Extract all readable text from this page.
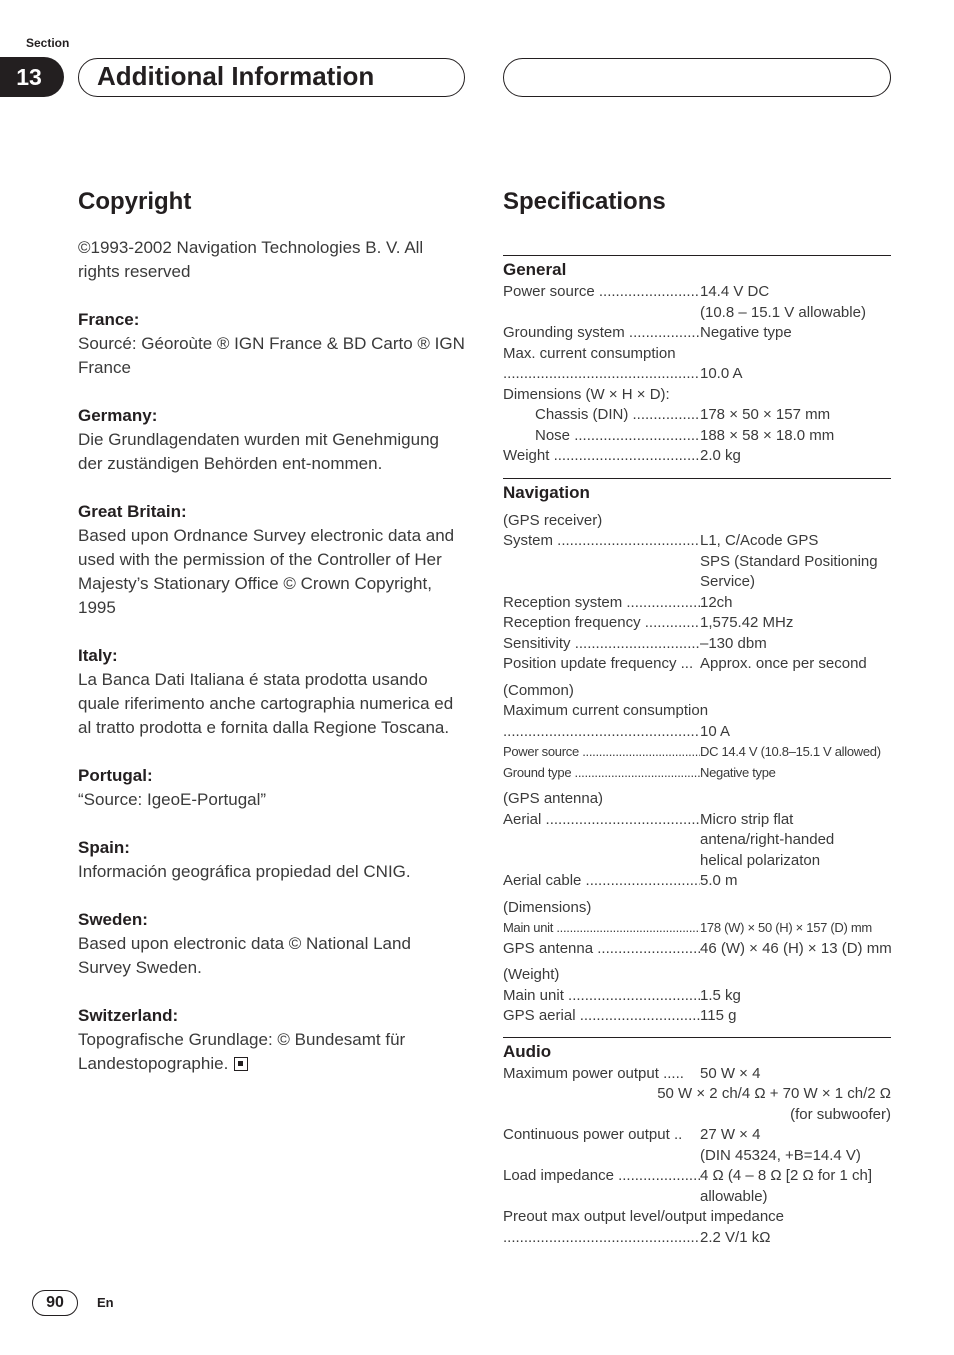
Section
13	Additional Information
Copyright
©1993-2002 Navigation Technologies B. V. All rights reserved
France:
Sourcé: Géoroùte ® IGN France & BD Carto ® IGN France
Germany:
Die Grundlagendaten wurden mit Genehmigung der zuständigen Behörden ent-nommen.
Great Britain:
Based upon Ordnance Survey electronic data and used with the permission of the Controller of Her Majesty’s Stationary Office © Crown Copyright, 1995
Italy:
La Banca Dati Italiana é stata prodotta usando quale riferimento anche cartographia numerica ed al tratto prodotta e fornita dalla Regione Toscana.
Portugal:
“Source: IgeoE-Portugal”
Spain:
Información geográfica propiedad del CNIG.
Sweden:
Based upon electronic data © National Land Survey Sweden.
Switzerland:
Topografische Grundlage: © Bundesamt für Landestopographie.
Specifications
General
Power source .....	14.4 V DC
(10.8 – 15.1 V allowable)
Grounding system .....	Negative type
Max. current consumption
.....
10.0 A
Dimensions (W × H × D):
Chassis (DIN) .....	178 × 50 × 157 mm
Nose .....	188 × 58 × 18.0 mm
Weight .....	2.0 kg
Navigation
(GPS receiver)
System .....	L1, C/Acode GPS
SPS (Standard Positioning
Service)
Reception system .....	12ch
Reception frequency .....	1,575.42 MHz
Sensitivity .....	–130 dbm
Position update frequency ... Approx. once per second
(Common)
Maximum current consumption
.....
10 A
Power source .....	DC 14.4 V (10.8–15.1 V allowed)
Ground type .....	Negative type
(GPS antenna)
Aerial .....	Micro strip flat
antena/right-handed
helical polarizaton
Aerial cable .....	5.0 m
(Dimensions)
Main unit .....	178 (W) × 50 (H) × 157 (D) mm
GPS antenna .....	46 (W) × 46 (H) × 13 (D) mm
(Weight)
Main unit .....	1.5 kg
GPS aerial .....	115 g
Audio
Maximum power output .....	50 W × 4
50 W × 2 ch/4 Ω + 70 W × 1 ch/2 Ω
(for subwoofer)
Continuous power output ..	27 W × 4
(DIN 45324, +B=14.4 V)
Load impedance .....	4 Ω (4 – 8 Ω [2 Ω for 1 ch]
allowable)
Preout max output level/output impedance
.....
2.2 V/1 kΩ
90	En
